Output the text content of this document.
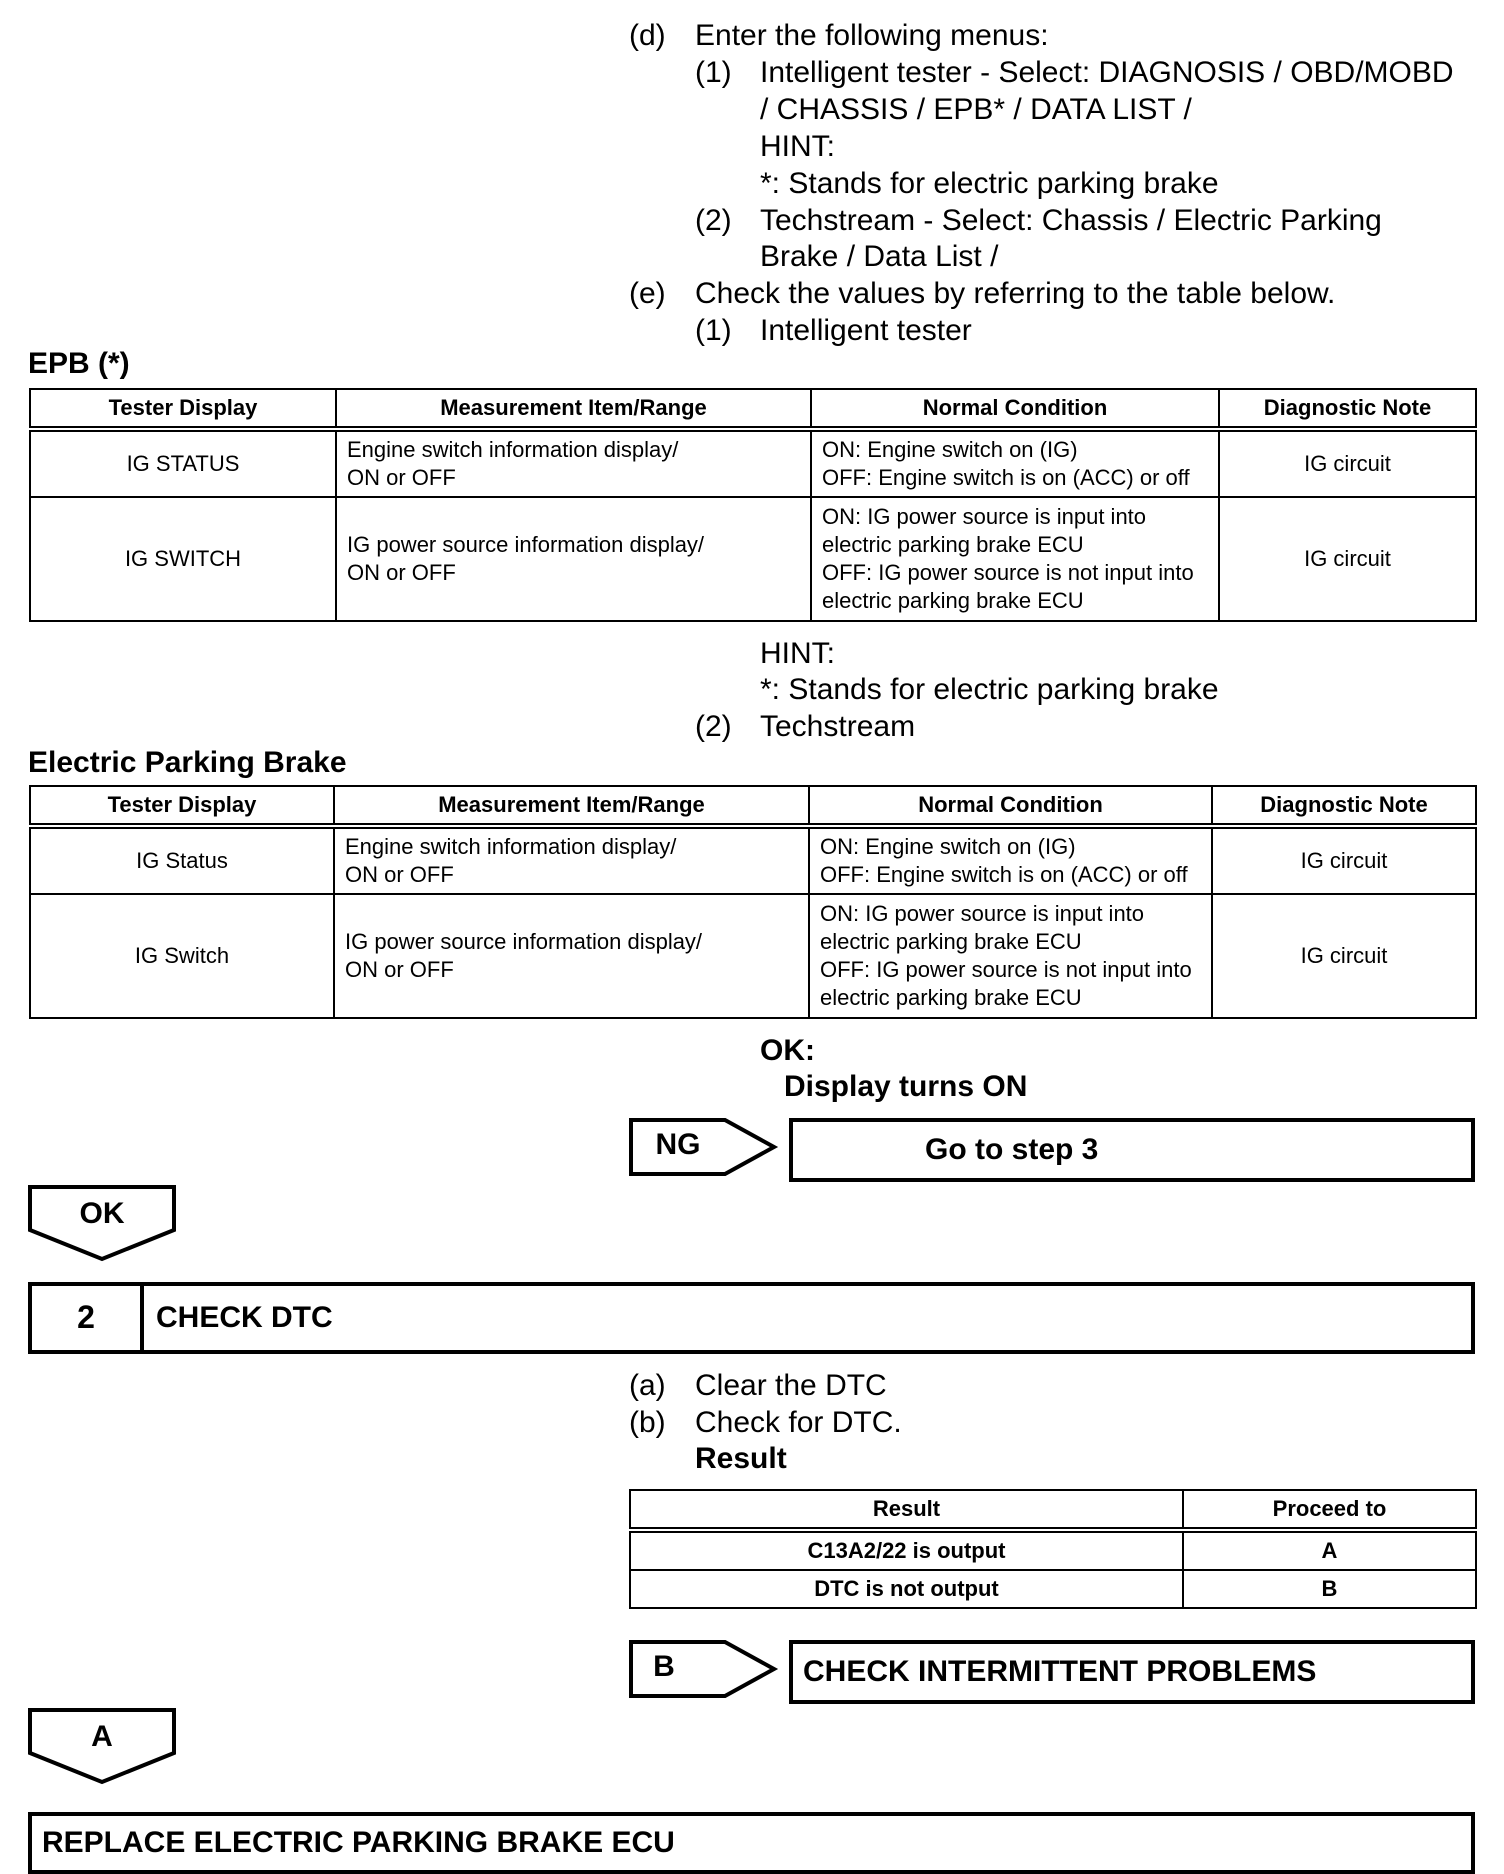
(d) Enter the following menus:
(1) Intelligent tester - Select: DIAGNOSIS / OBD/MOBD
/ CHASSIS / EPB* / DATA LIST /
HINT:
*: Stands for electric parking brake
(2) Techstream - Select: Chassis / Electric Parking
Brake / Data List /
(e) Check the values by referring to the table below.
(1) Intelligent tester
EPB (*)
Tester Display	Measurement Item/Range	Normal Condition	Diagnostic Note
IG STATUS	Engine switch information display/
ON or OFF	ON: Engine switch on (IG)
OFF: Engine switch is on (ACC) or off	IG circuit
IG SWITCH	IG power source information display/
ON or OFF	ON: IG power source is input into
electric parking brake ECU
OFF: IG power source is not input into
electric parking brake ECU	IG circuit
HINT:
*: Stands for electric parking brake
(2) Techstream
Electric Parking Brake
Tester Display	Measurement Item/Range	Normal Condition	Diagnostic Note
IG Status	Engine switch information display/
ON or OFF	ON: Engine switch on (IG)
OFF: Engine switch is on (ACC) or off	IG circuit
IG Switch	IG power source information display/
ON or OFF	ON: IG power source is input into
electric parking brake ECU
OFF: IG power source is not input into
electric parking brake ECU	IG circuit
OK:
Display turns ON
NG	Go to step 3
OK
2	CHECK DTC
(a) Clear the DTC
(b) Check for DTC.
Result
Result	Proceed to
C13A2/22 is output	A
DTC is not output	B
B	CHECK INTERMITTENT PROBLEMS
A
REPLACE ELECTRIC PARKING BRAKE ECU
